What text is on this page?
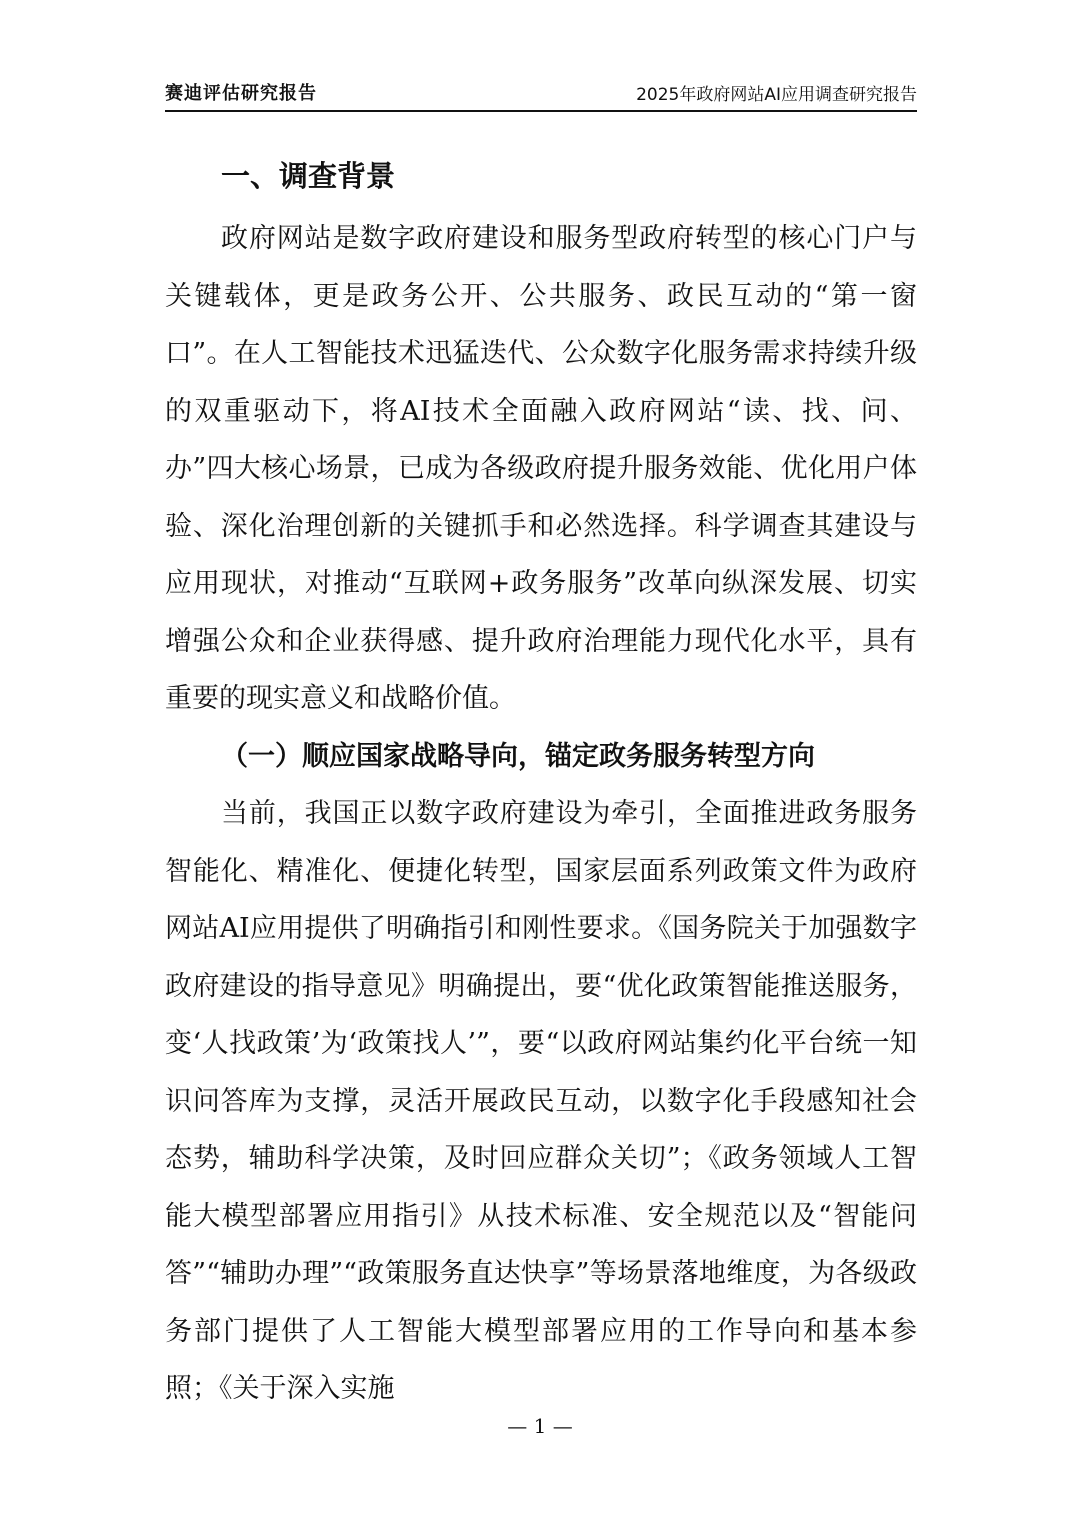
赛迪评估研究报告	2025年政府网站AI应用调查研究报告
一、调查背景

政府网站是数字政府建设和服务型政府转型的核心门户与关键载体，更是政务公开、公共服务、政民互动的“第一窗口”。在人工智能技术迅猛迭代、公众数字化服务需求持续升级的双重驱动下，将AI技术全面融入政府网站“读、找、问、办”四大核心场景，已成为各级政府提升服务效能、优化用户体验、深化治理创新的关键抓手和必然选择。科学调查其建设与应用现状，对推动“互联网+政务服务”改革向纵深发展、切实增强公众和企业获得感、提升政府治理能力现代化水平，具有重要的现实意义和战略价值。

（一）顺应国家战略导向，锚定政务服务转型方向

当前，我国正以数字政府建设为牵引，全面推进政务服务智能化、精准化、便捷化转型，国家层面系列政策文件为政府网站AI应用提供了明确指引和刚性要求。《国务院关于加强数字政府建设的指导意见》明确提出，要“优化政策智能推送服务，变‘人找政策’为‘政策找人’”，要“以政府网站集约化平台统一知识问答库为支撑，灵活开展政民互动，以数字化手段感知社会态势，辅助科学决策，及时回应群众关切”；《政务领域人工智能大模型部署应用指引》从技术标准、安全规范以及“智能问答”“辅助办理”“政策服务直达快享”等场景落地维度，为各级政务部门提供了人工智能大模型部署应用的工作导向和基本参照；《关于深入实施

— 1 —
